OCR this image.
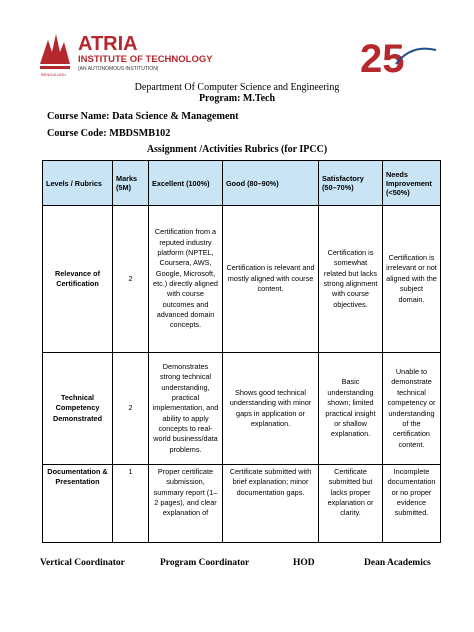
BENGALURU
ATRIA
INSTITUTE OF TECHNOLOGY
(AN AUTONOMOUS INSTITUTION)	25
Department Of Computer Science and Engineering
Program: M.Tech
Course Name: Data Science & Management
Course Code: MBDSMB102
Assignment /Activities Rubrics (for IPCC)
Levels / Rubrics	Marks (5M)	Excellent (100%)	Good (80–90%)	Satisfactory (50–70%)	Needs Improvement (<50%)
Relevance of Certification	2	Certification from a reputed industry platform (NPTEL, Coursera, AWS, Google, Microsoft, etc.) directly aligned with course outcomes and advanced domain concepts.	Certification is relevant and mostly aligned with course content.	Certification is somewhat related but lacks strong alignment with course objectives.	Certification is irrelevant or not aligned with the subject domain.
Technical Competency Demonstrated	2	Demonstrates strong technical understanding, practical implementation, and ability to apply concepts to real-world business/data problems.	Shows good technical understanding with minor gaps in application or explanation.	Basic understanding shown; limited practical insight or shallow explanation.	Unable to demonstrate technical competency or understanding of the certification content.
Documentation & Presentation	1	Proper certificate submission, summary report (1–2 pages), and clear explanation of	Certificate submitted with brief explanation; minor documentation gaps.	Certificate submitted but lacks proper explanation or clarity.	Incomplete documentation or no proper evidence submitted.
Vertical Coordinator	Program Coordinator	HOD	Dean Academics
